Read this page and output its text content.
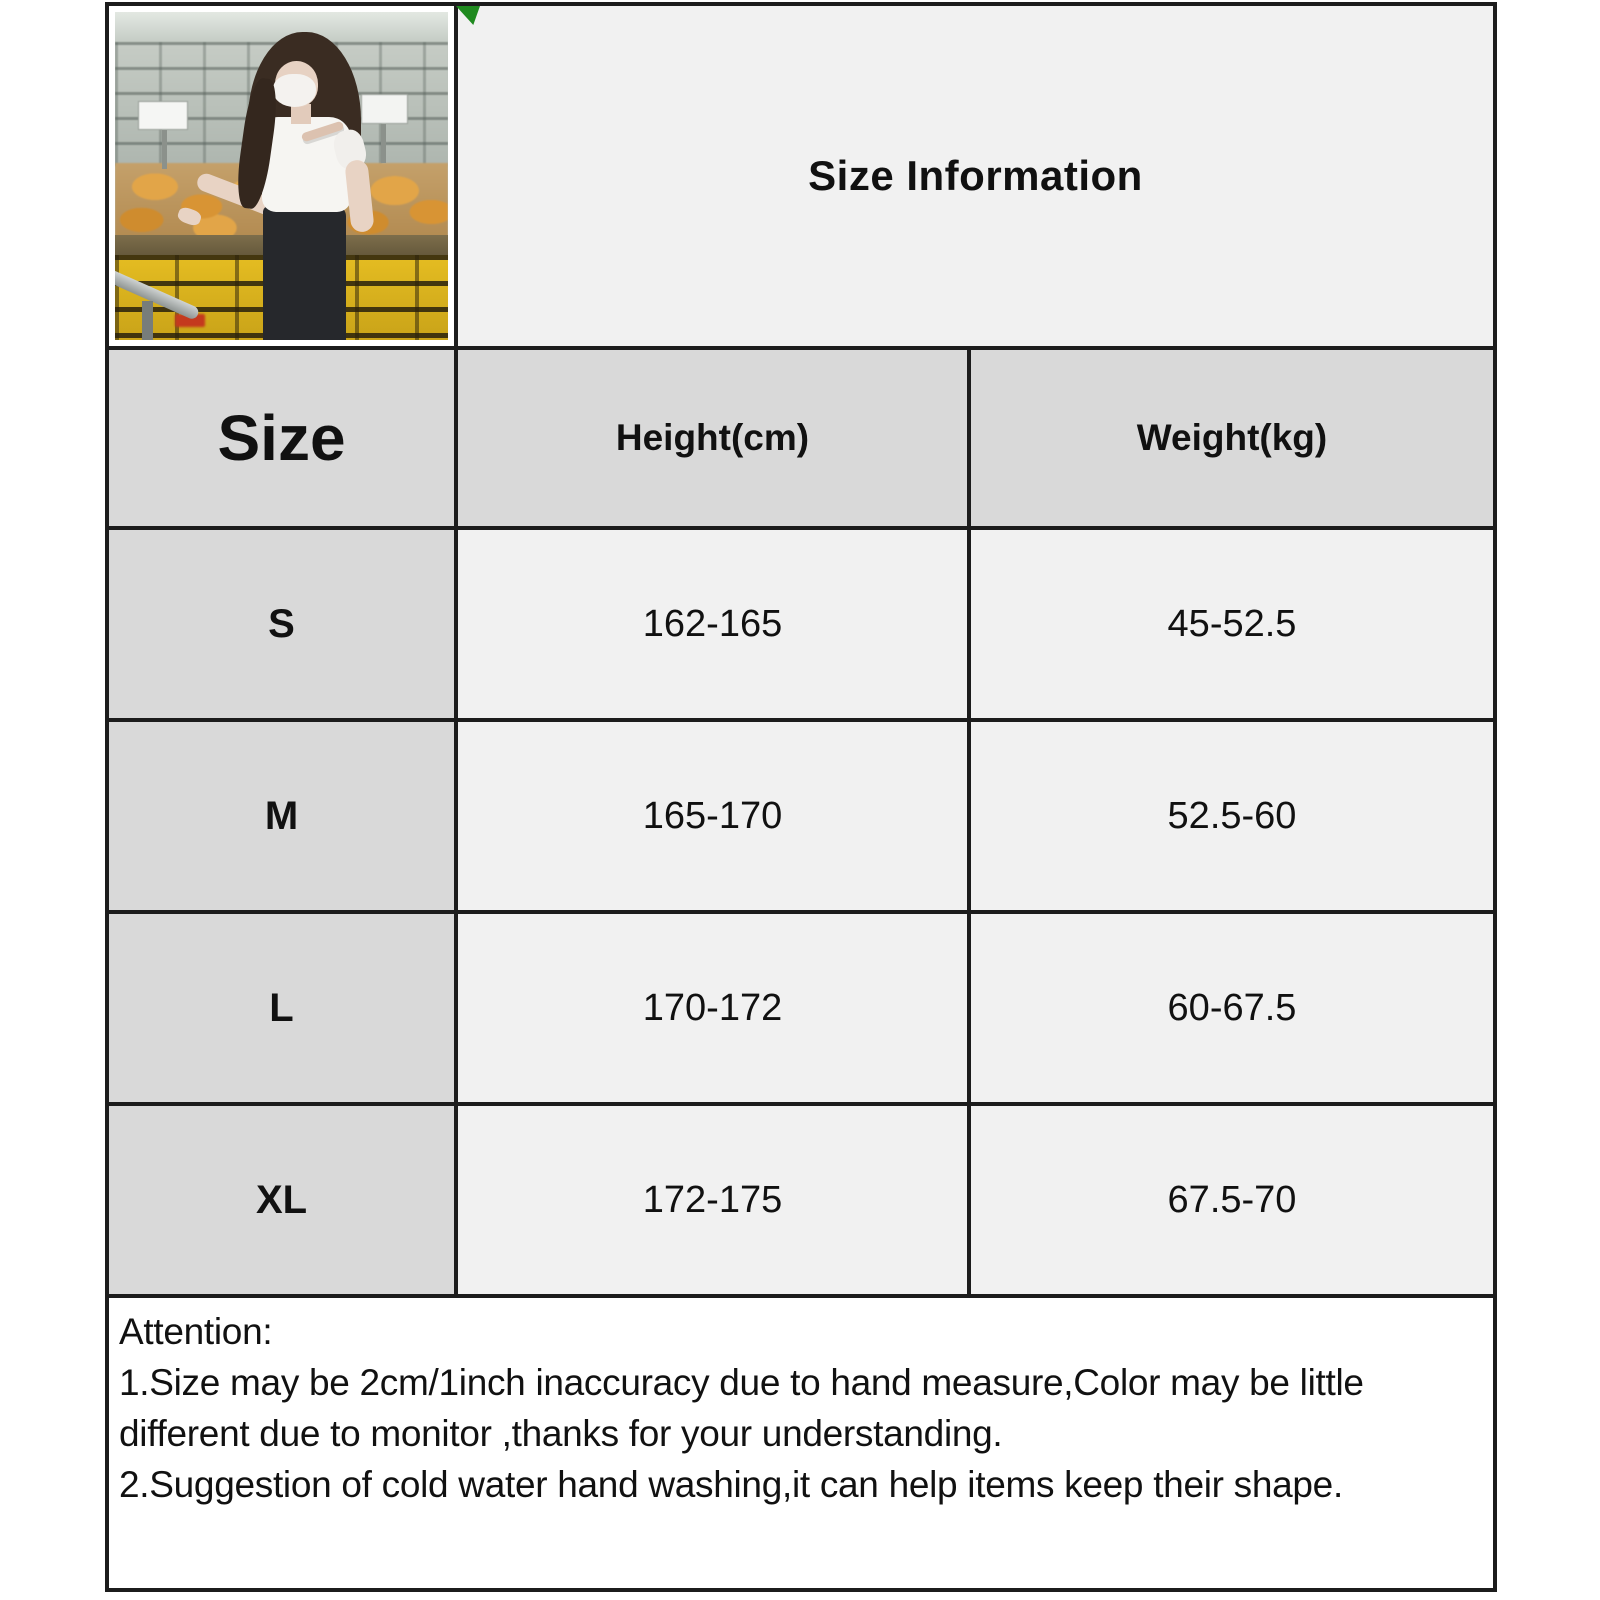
Size Information
Size	Height(cm)	Weight(kg)
S	162-165	45-52.5
M	165-170	52.5-60
L	170-172	60-67.5
XL	172-175	67.5-70
Attention:
1.Size may be 2cm/1inch inaccuracy due to hand measure,Color may be little different due to monitor ,thanks for your understanding.
2.Suggestion of cold water hand washing,it can help items keep their shape.
